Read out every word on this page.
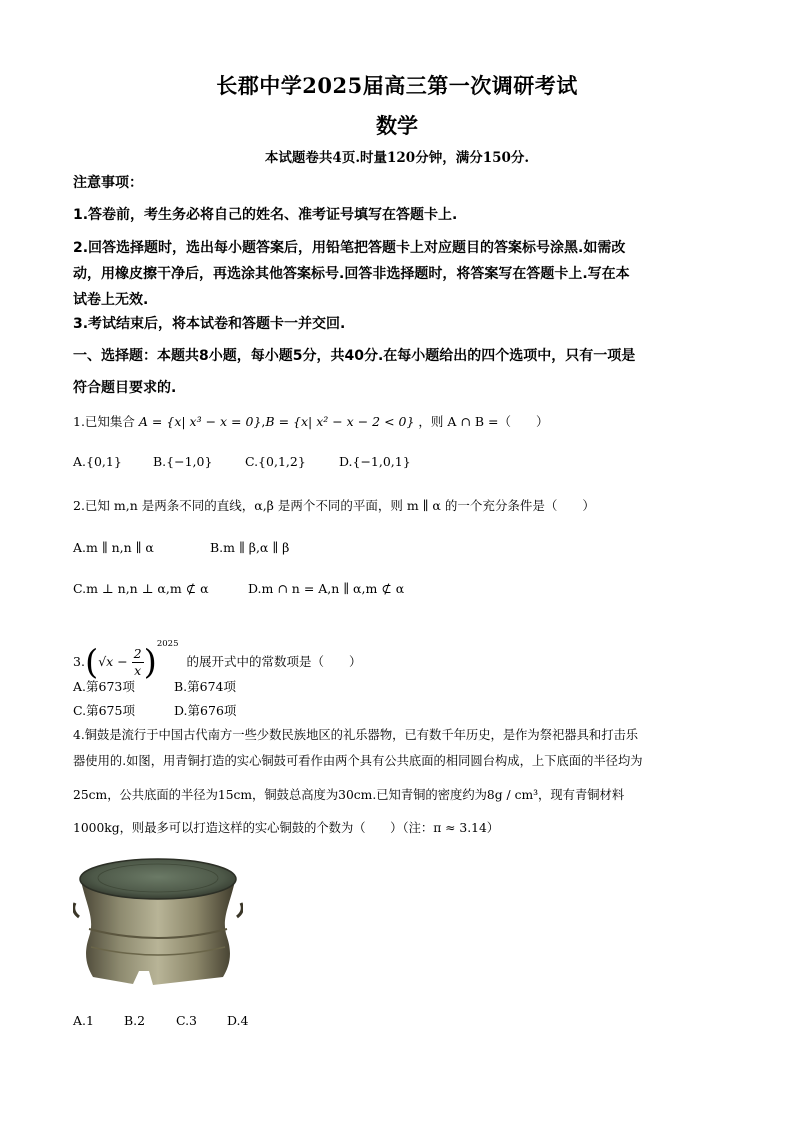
长郡中学2025届高三第一次调研考试
数学
本试题卷共4页.时量120分钟，满分150分.
注意事项：
1.答卷前，考生务必将自己的姓名、准考证号填写在答题卡上.
2.回答选择题时，选出每小题答案后，用铅笔把答题卡上对应题目的答案标号涂黑.如需改
动，用橡皮擦干净后，再选涂其他答案标号.回答非选择题时，将答案写在答题卡上.写在本
试卷上无效.
3.考试结束后，将本试卷和答题卡一并交回.
一、选择题：本题共8小题，每小题5分，共40分.在每小题给出的四个选项中，只有一项是
符合题目要求的.
1.已知集合 A = {x| x³ − x = 0},B = {x| x² − x − 2 < 0} ，则 A ∩ B =（　　）
A.{0,1} B.{−1,0}	C.{0,1,2}	D.{−1,0,1}
2.已知 m,n 是两条不同的直线，α,β 是两个不同的平面，则 m ∥ α 的一个充分条件是（　　）
A.m ∥ n,n ∥ α	B.m ∥ β,α ∥ β
C.m ⊥ n,n ⊥ α,m ⊄ α	D.m ∩ n = A,n ∥ α,m ⊄ α
$3.(√x - \frac{2}{x} )^{2025}$ 的展开式中的常数项是（　　）
A.第673项	B.第674项
C.第675项	D.第676项
4.铜鼓是流行于中国古代南方一些少数民族地区的礼乐器物，已有数千年历史，是作为祭祀器具和打击乐
器使用的.如图，用青铜打造的实心铜鼓可看作由两个具有公共底面的相同圆台构成，上下底面的半径均为
25cm，公共底面的半径为15cm，铜鼓总高度为30cm.已知青铜的密度约为8g / cm³，现有青铜材料
1000kg，则最多可以打造这样的实心铜鼓的个数为（　　）（注：π ≈ 3.14）
A.1 B.2 C.3 D.4
